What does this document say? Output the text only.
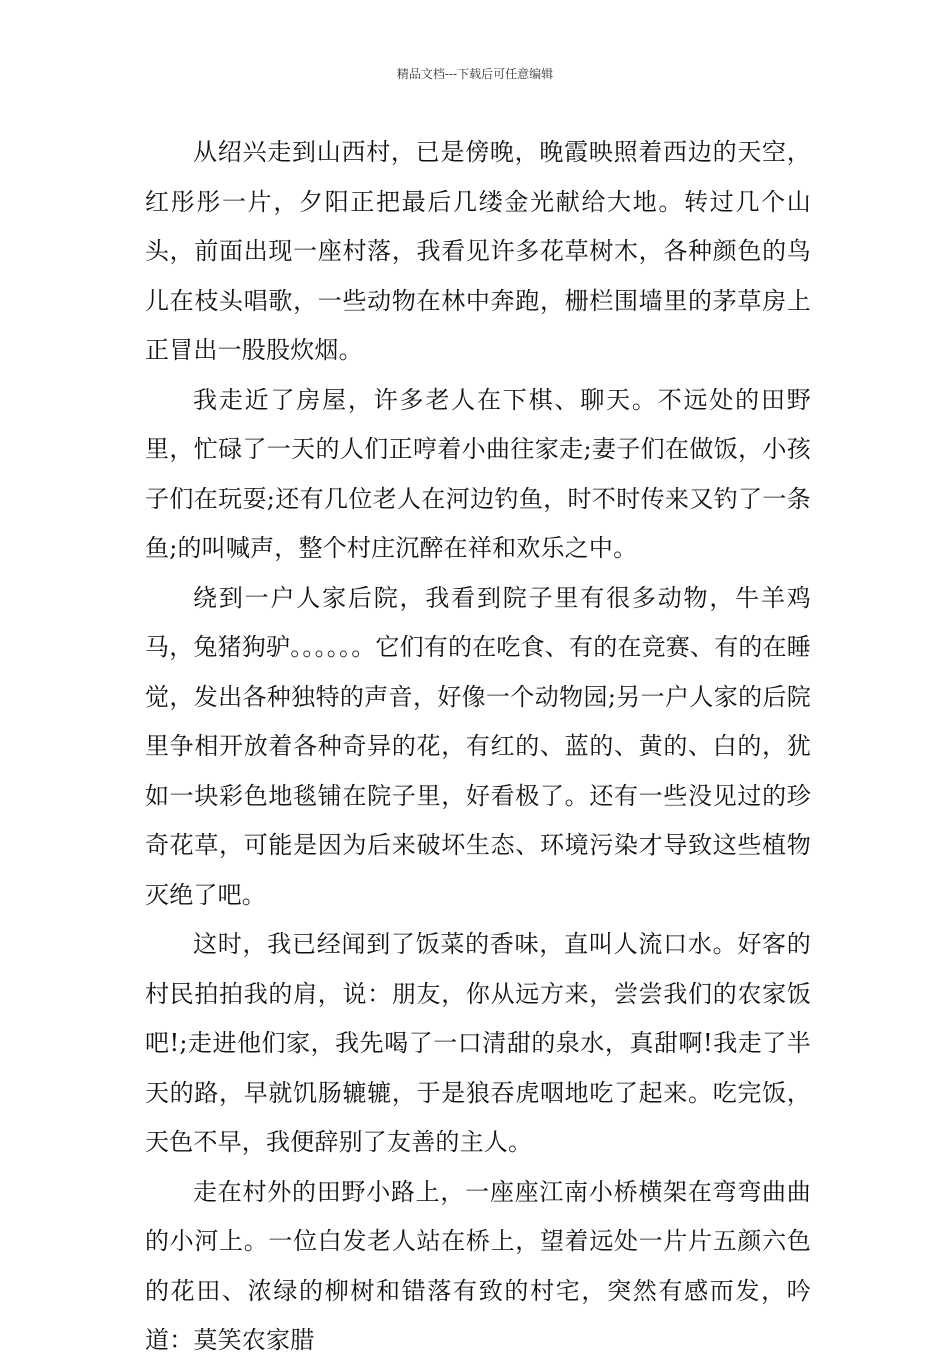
精品文档---下载后可任意编辑

从绍兴走到山西村，已是傍晚，晚霞映照着西边的天空，红彤彤一片，夕阳正把最后几缕金光献给大地。转过几个山头，前面出现一座村落，我看见许多花草树木，各种颜色的鸟儿在枝头唱歌，一些动物在林中奔跑，栅栏围墙里的茅草房上正冒出一股股炊烟。

我走近了房屋，许多老人在下棋、聊天。不远处的田野里，忙碌了一天的人们正哼着小曲往家走;妻子们在做饭，小孩子们在玩耍;还有几位老人在河边钓鱼，时不时传来又钓了一条鱼;的叫喊声，整个村庄沉醉在祥和欢乐之中。

绕到一户人家后院，我看到院子里有很多动物，牛羊鸡马，兔猪狗驴。。。。。。它们有的在吃食、有的在竞赛、有的在睡觉，发出各种独特的声音，好像一个动物园;另一户人家的后院里争相开放着各种奇异的花，有红的、蓝的、黄的、白的，犹如一块彩色地毯铺在院子里，好看极了。还有一些没见过的珍奇花草，可能是因为后来破坏生态、环境污染才导致这些植物灭绝了吧。

这时，我已经闻到了饭菜的香味，直叫人流口水。好客的村民拍拍我的肩，说：朋友，你从远方来，尝尝我们的农家饭吧!;走进他们家，我先喝了一口清甜的泉水，真甜啊!我走了半天的路，早就饥肠辘辘，于是狼吞虎咽地吃了起来。吃完饭，天色不早，我便辞别了友善的主人。

走在村外的田野小路上，一座座江南小桥横架在弯弯曲曲的小河上。一位白发老人站在桥上，望着远处一片片五颜六色的花田、浓绿的柳树和错落有致的村宅，突然有感而发，吟道：莫笑农家腊
